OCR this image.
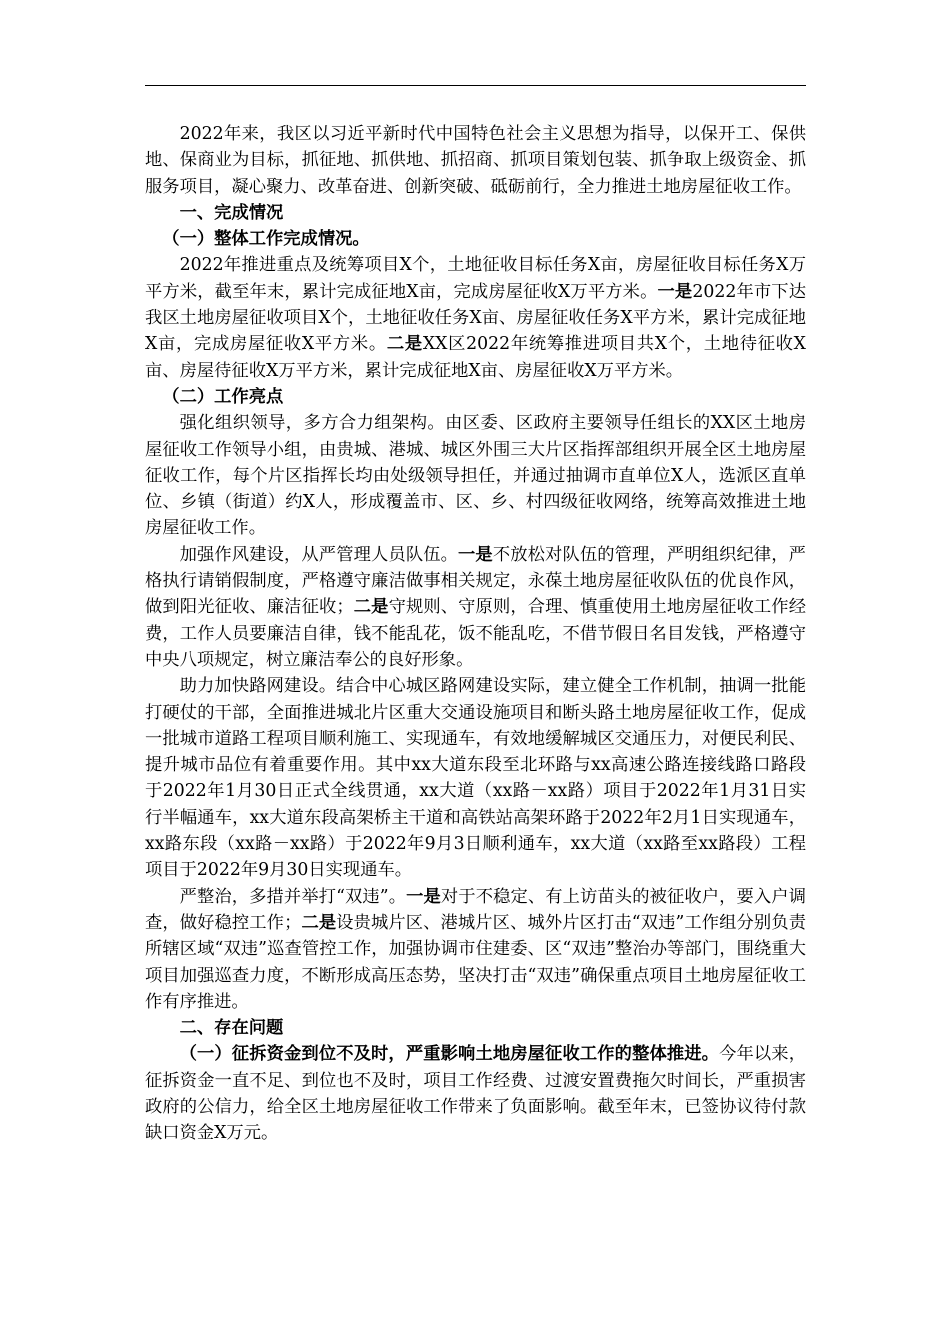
2022年来，我区以习近平新时代中国特色社会主义思想为指导，以保开工、保供地、保商业为目标，抓征地、抓供地、抓招商、抓项目策划包装、抓争取上级资金、抓服务项目，凝心聚力、改革奋进、创新突破、砥砺前行，全力推进土地房屋征收工作。

一、完成情况

（一）整体工作完成情况。

2022年推进重点及统筹项目X个，土地征收目标任务X亩，房屋征收目标任务X万平方米，截至年末，累计完成征地X亩，完成房屋征收X万平方米。一是2022年市下达我区土地房屋征收项目X个，土地征收任务X亩、房屋征收任务X平方米，累计完成征地X亩，完成房屋征收X平方米。二是XX区2022年统筹推进项目共X个，土地待征收X亩、房屋待征收X万平方米，累计完成征地X亩、房屋征收X万平方米。

（二）工作亮点

强化组织领导，多方合力组架构。由区委、区政府主要领导任组长的XX区土地房屋征收工作领导小组，由贵城、港城、城区外围三大片区指挥部组织开展全区土地房屋征收工作，每个片区指挥长均由处级领导担任，并通过抽调市直单位X人，选派区直单位、乡镇（街道）约X人，形成覆盖市、区、乡、村四级征收网络，统筹高效推进土地房屋征收工作。

加强作风建设，从严管理人员队伍。一是不放松对队伍的管理，严明组织纪律，严格执行请销假制度，严格遵守廉洁做事相关规定，永葆土地房屋征收队伍的优良作风，做到阳光征收、廉洁征收；二是守规则、守原则，合理、慎重使用土地房屋征收工作经费，工作人员要廉洁自律，钱不能乱花，饭不能乱吃，不借节假日名目发钱，严格遵守中央八项规定，树立廉洁奉公的良好形象。

助力加快路网建设。结合中心城区路网建设实际，建立健全工作机制，抽调一批能打硬仗的干部，全面推进城北片区重大交通设施项目和断头路土地房屋征收工作，促成一批城市道路工程项目顺利施工、实现通车，有效地缓解城区交通压力，对便民利民、提升城市品位有着重要作用。其中xx大道东段至北环路与xx高速公路连接线路口路段于2022年1月30日正式全线贯通，xx大道（xx路－xx路）项目于2022年1月31日实行半幅通车，xx大道东段高架桥主干道和高铁站高架环路于2022年2月1日实现通车，xx路东段（xx路－xx路）于2022年9月3日顺利通车，xx大道（xx路至xx路段）工程项目于2022年9月30日实现通车。

严整治，多措并举打“双违”。一是对于不稳定、有上访苗头的被征收户，要入户调查，做好稳控工作；二是设贵城片区、港城片区、城外片区打击“双违”工作组分别负责所辖区域“双违”巡查管控工作，加强协调市住建委、区“双违”整治办等部门，围绕重大项目加强巡查力度，不断形成高压态势，坚决打击“双违”确保重点项目土地房屋征收工作有序推进。

二、存在问题

（一）征拆资金到位不及时，严重影响土地房屋征收工作的整体推进。今年以来，征拆资金一直不足、到位也不及时，项目工作经费、过渡安置费拖欠时间长，严重损害政府的公信力，给全区土地房屋征收工作带来了负面影响。截至年末，已签协议待付款缺口资金X万元。
